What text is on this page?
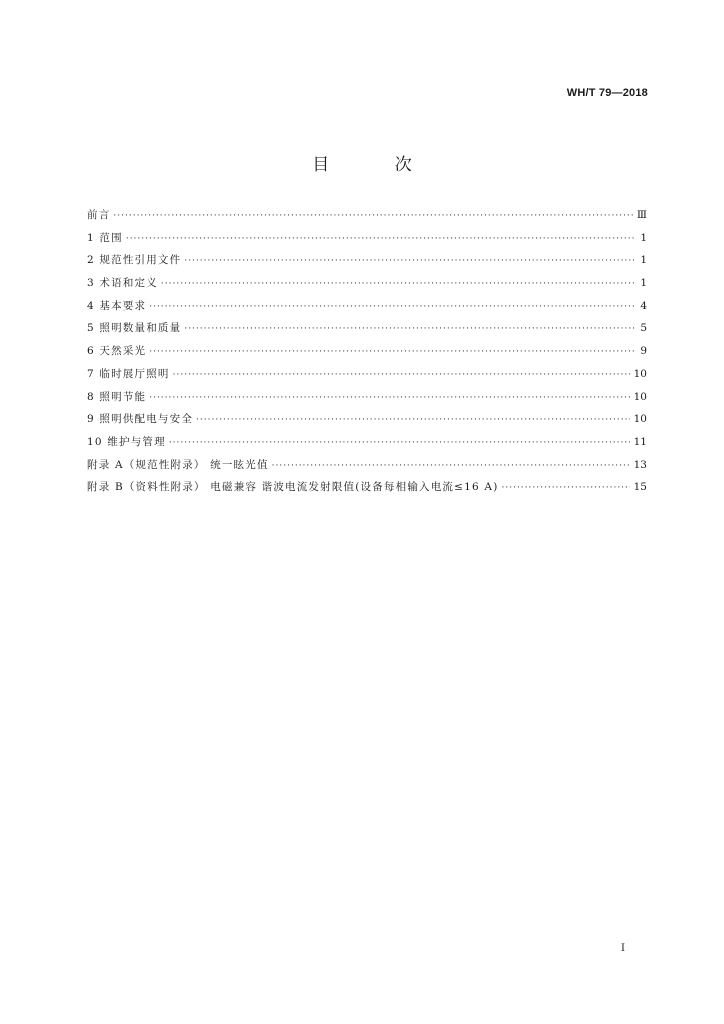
WH/T 79—2018
目 次
前言 ·····	Ⅲ
1 范围 ·····	1
2 规范性引用文件 ·····	1
3 术语和定义 ·····	1
4 基本要求 ·····	4
5 照明数量和质量 ·····	5
6 天然采光 ·····	9
7 临时展厅照明 ·····	10
8 照明节能 ·····	10
9 照明供配电与安全 ·····	10
10 维护与管理 ·····	11
附录 A（规范性附录） 统一眩光值 ·····	13
附录 B（资料性附录） 电磁兼容 谐波电流发射限值(设备每相输入电流≤16 A) ·····	15
I
